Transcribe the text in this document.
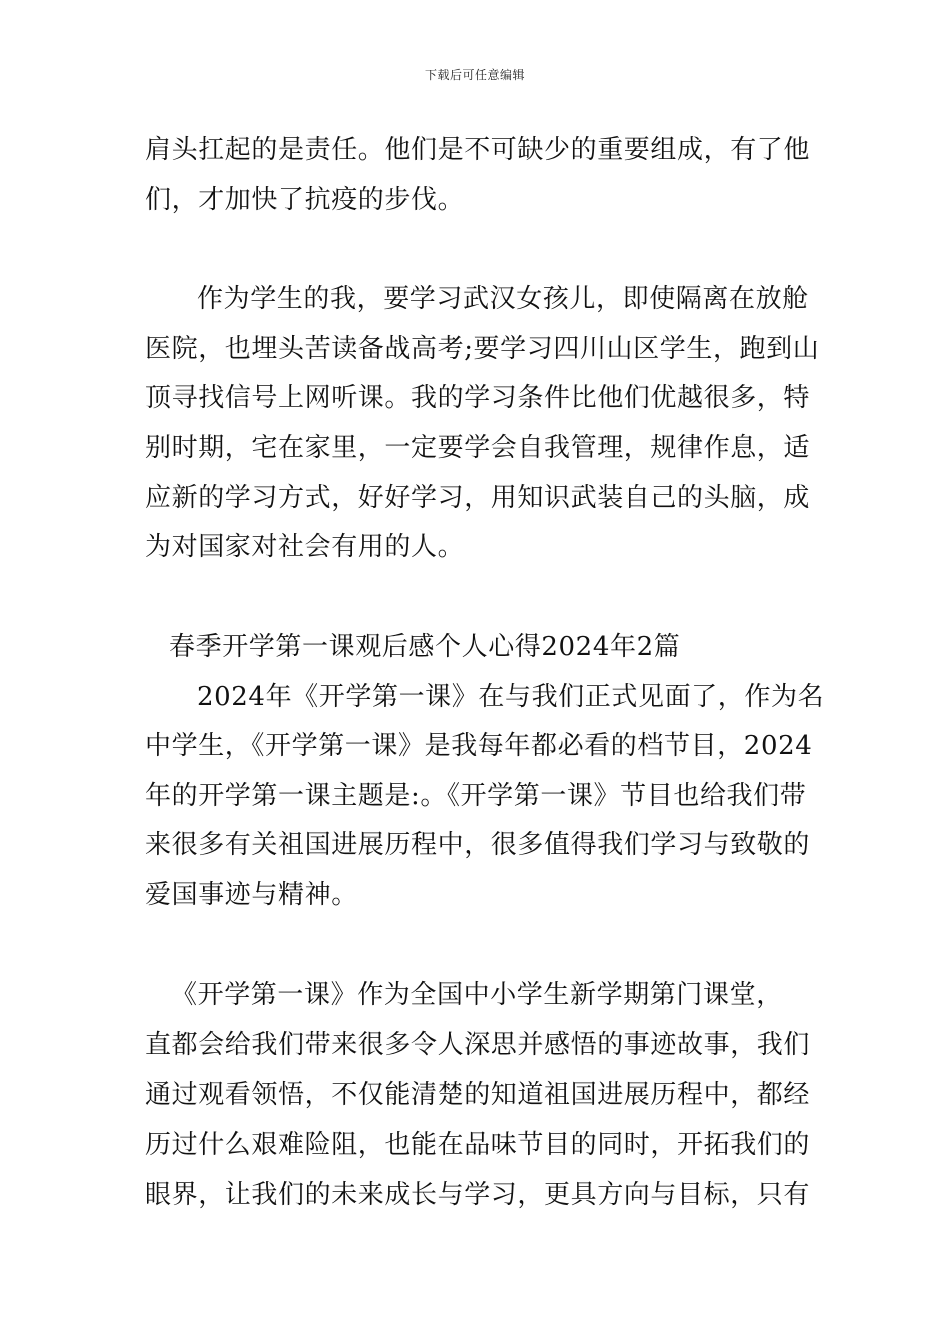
下载后可任意编辑
肩头扛起的是责任。他们是不可缺少的重要组成，有了他
们，才加快了抗疫的步伐。
作为学生的我，要学习武汉女孩儿，即使隔离在放舱
医院，也埋头苦读备战高考;要学习四川山区学生，跑到山
顶寻找信号上网听课。我的学习条件比他们优越很多，特
别时期，宅在家里，一定要学会自我管理，规律作息，适
应新的学习方式，好好学习，用知识武装自己的头脑，成
为对国家对社会有用的人。
春季开学第一课观后感个人心得2024年2篇
2024年《开学第一课》在与我们正式见面了，作为名
中学生，《开学第一课》是我每年都必看的档节目，2024
年的开学第一课主题是:。《开学第一课》节目也给我们带
来很多有关祖国进展历程中，很多值得我们学习与致敬的
爱国事迹与精神。
《开学第一课》作为全国中小学生新学期第门课堂，
直都会给我们带来很多令人深思并感悟的事迹故事，我们
通过观看领悟，不仅能清楚的知道祖国进展历程中，都经
历过什么艰难险阻，也能在品味节目的同时，开拓我们的
眼界，让我们的未来成长与学习，更具方向与目标，只有
